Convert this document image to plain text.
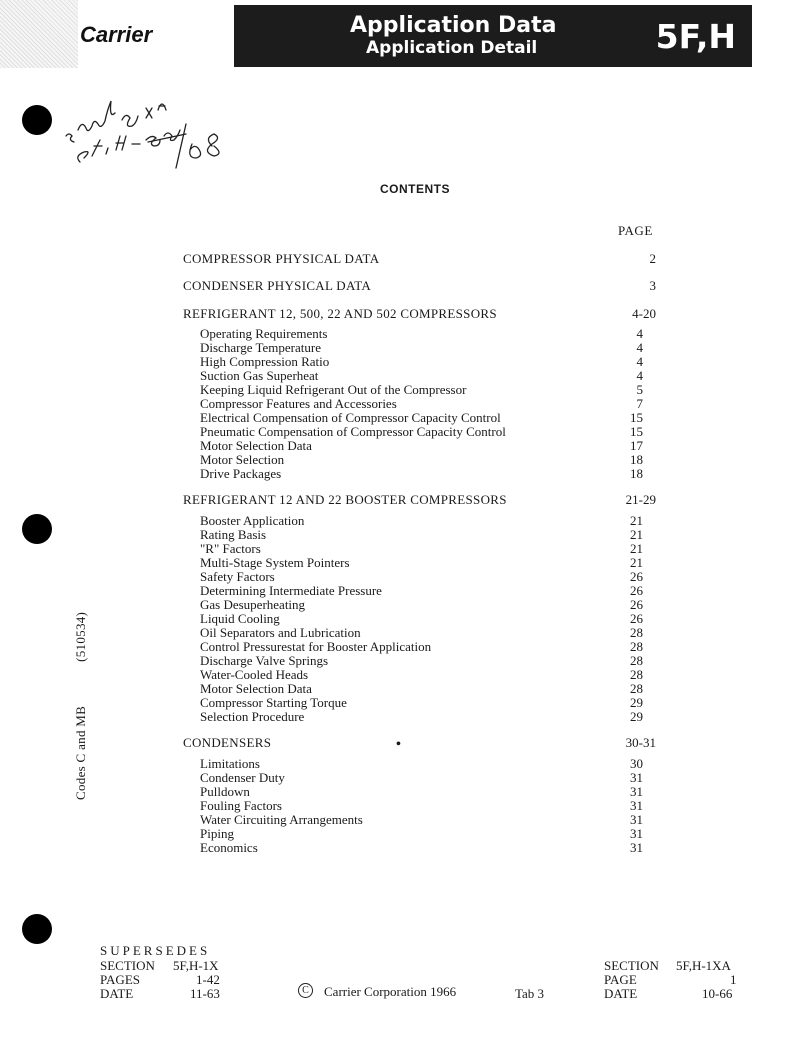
Carrier	Application Data
Application Detail	5F,H
Codes C and MB(510534)
CONTENTS
PAGE
COMPRESSOR PHYSICAL DATA	2
CONDENSER PHYSICAL DATA	3
REFRIGERANT 12, 500, 22 AND 502 COMPRESSORS	4-20
Operating Requirements	4
Discharge Temperature	4
High Compression Ratio	4
Suction Gas Superheat	4
Keeping Liquid Refrigerant Out of the Compressor	5
Compressor Features and Accessories	7
Electrical Compensation of Compressor Capacity Control	15
Pneumatic Compensation of Compressor Capacity Control	15
Motor Selection Data	17
Motor Selection	18
Drive Packages	18
REFRIGERANT 12 AND 22 BOOSTER COMPRESSORS	21-29
Booster Application	21
Rating Basis	21
"R" Factors	21
Multi-Stage System Pointers	21
Safety Factors	26
Determining Intermediate Pressure	26
Gas Desuperheating	26
Liquid Cooling	26
Oil Separators and Lubrication	28
Control Pressurestat for Booster Application	28
Discharge Valve Springs	28
Water-Cooled Heads	28
Motor Selection Data	28
Compressor Starting Torque	29
Selection Procedure	29
CONDENSERS	•	30-31
Limitations	30
Condenser Duty	31
Pulldown	31
Fouling Factors	31
Water Circuiting Arrangements	31
Piping	31
Economics	31
SUPERSEDES
SECTION 5F,H-1X
PAGES	1-42
DATE	11-63	C	Carrier Corporation 1966	Tab 3
SECTION 5F,H-1XA
PAGE	1
DATE	10-66
